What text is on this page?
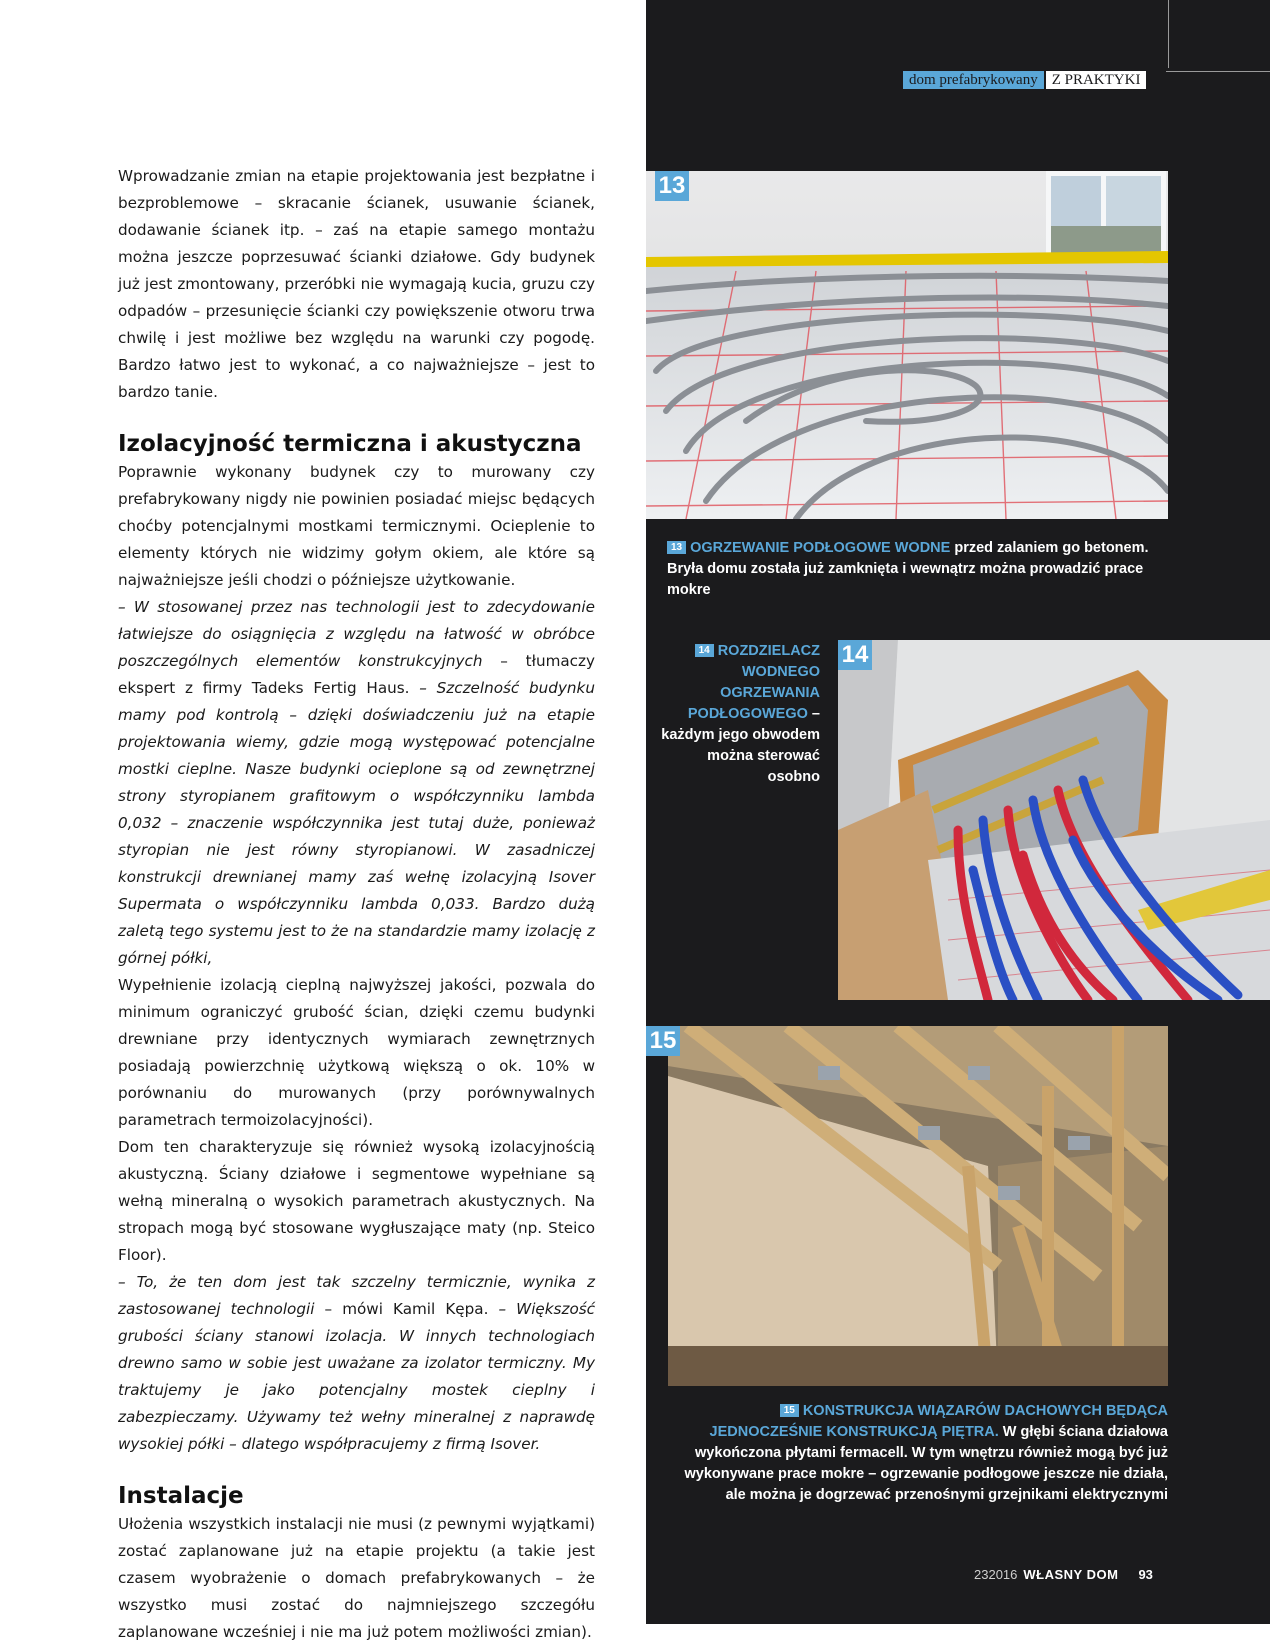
dom prefabrykowany Z PRAKTYKI

Wprowadzanie zmian na etapie projektowania jest bezpłatne i bezproblemowe – skracanie ścianek, usuwanie ścianek, dodawanie ścianek itp. – zaś na etapie samego montażu można jeszcze poprzesuwać ścianki działowe. Gdy budynek już jest zmontowany, przeróbki nie wymagają kucia, gruzu czy odpadów – przesunięcie ścianki czy powiększenie otworu trwa chwilę i jest możliwe bez względu na warunki czy pogodę. Bardzo łatwo jest to wykonać, a co najważniejsze – jest to bardzo tanie.

Izolacyjność termiczna i akustyczna

Poprawnie wykonany budynek czy to murowany czy prefabrykowany nigdy nie powinien posiadać miejsc będących choćby potencjalnymi mostkami termicznymi. Ocieplenie to elementy których nie widzimy gołym okiem, ale które są najważniejsze jeśli chodzi o późniejsze użytkowanie.

– W stosowanej przez nas technologii jest to zdecydowanie łatwiejsze do osiągnięcia z względu na łatwość w obróbce poszczególnych elementów konstrukcyjnych – tłumaczy ekspert z firmy Tadeks Fertig Haus. – Szczelność budynku mamy pod kontrolą – dzięki doświadczeniu już na etapie projektowania wiemy, gdzie mogą występować potencjalne mostki cieplne. Nasze budynki ocieplone są od zewnętrznej strony styropianem grafitowym o współczynniku lambda 0,032 – znaczenie współczynnika jest tutaj duże, ponieważ styropian nie jest równy styropianowi. W zasadniczej konstrukcji drewnianej mamy zaś wełnę izolacyjną Isover Supermata o współczynniku lambda 0,033. Bardzo dużą zaletą tego systemu jest to że na standardzie mamy izolację z górnej półki,

Wypełnienie izolacją cieplną najwyższej jakości, pozwala do minimum ograniczyć grubość ścian, dzięki czemu budynki drewniane przy identycznych wymiarach zewnętrznych posiadają powierzchnię użytkową większą o ok. 10% w porównaniu do murowanych (przy porównywalnych parametrach termoizolacyjności).

Dom ten charakteryzuje się również wysoką izolacyjnością akustyczną. Ściany działowe i segmentowe wypełniane są wełną mineralną o wysokich parametrach akustycznych. Na stropach mogą być stosowane wygłuszające maty (np. Steico Floor).

– To, że ten dom jest tak szczelny termicznie, wynika z zastosowanej technologii – mówi Kamil Kępa. – Większość grubości ściany stanowi izolacja. W innych technologiach drewno samo w sobie jest uważane za izolator termiczny. My traktujemy je jako potencjalny mostek cieplny i zabezpieczamy. Używamy też wełny mineralnej z naprawdę wysokiej półki – dlatego współpracujemy z firmą Isover.

Instalacje

Ułożenia wszystkich instalacji nie musi (z pewnymi wyjątkami) zostać zaplanowane już na etapie projektu (a takie jest czasem wyobrażenie o domach prefabrykowanych – że wszystko musi zostać do najmniejszego szczegółu zaplanowane wcześniej i nie ma już potem możliwości zmian).

13
13 OGRZEWANIE PODŁOGOWE WODNE przed zalaniem go betonem. Bryła domu została już zamknięta i wewnątrz można prowadzić prace mokre
14
14 ROZDZIELACZ WODNEGO OGRZEWANIA PODŁOGOWEGO – każdym jego obwodem można sterować osobno
15
15 KONSTRUKCJA WIĄZARÓW DACHOWYCH BĘDĄCA JEDNOCZEŚNIE KONSTRUKCJĄ PIĘTRA. W głębi ściana działowa wykończona płytami fermacell. W tym wnętrzu również mogą być już wykonywane prace mokre – ogrzewanie podłogowe jeszcze nie działa, ale można je dogrzewać przenośnymi grzejnikami elektrycznymi
232016 WŁASNY DOM 93
